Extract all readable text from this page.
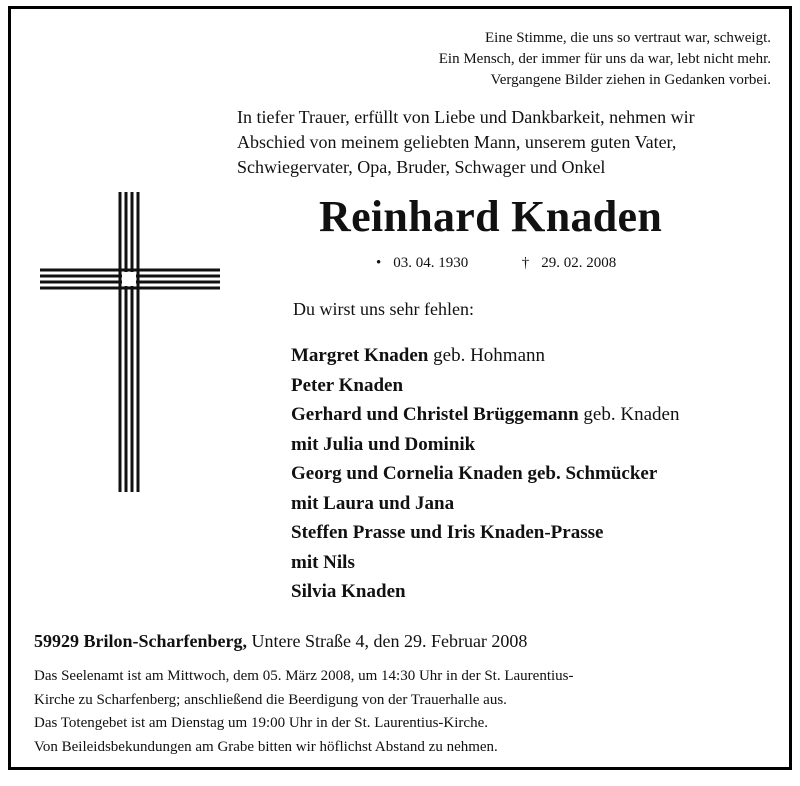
Eine Stimme, die uns so vertraut war, schweigt.
Ein Mensch, der immer für uns da war, lebt nicht mehr.
Vergangene Bilder ziehen in Gedanken vorbei.
In tiefer Trauer, erfüllt von Liebe und Dankbarkeit, nehmen wir
Abschied von meinem geliebten Mann, unserem guten Vater,
Schwiegervater, Opa, Bruder, Schwager und Onkel
Reinhard Knaden
• 03. 04. 1930	† 29. 02. 2008
Du wirst uns sehr fehlen:
Margret Knaden geb. Hohmann
Peter Knaden
Gerhard und Christel Brüggemann geb. Knaden
mit Julia und Dominik
Georg und Cornelia Knaden geb. Schmücker
mit Laura und Jana
Steffen Prasse und Iris Knaden-Prasse
mit Nils
Silvia Knaden
59929 Brilon-Scharfenberg, Untere Straße 4, den 29. Februar 2008
Das Seelenamt ist am Mittwoch, dem 05. März 2008, um 14:30 Uhr in der St. Laurentius-
Kirche zu Scharfenberg; anschließend die Beerdigung von der Trauerhalle aus.
Das Totengebet ist am Dienstag um 19:00 Uhr in der St. Laurentius-Kirche.
Von Beileidsbekundungen am Grabe bitten wir höflichst Abstand zu nehmen.
